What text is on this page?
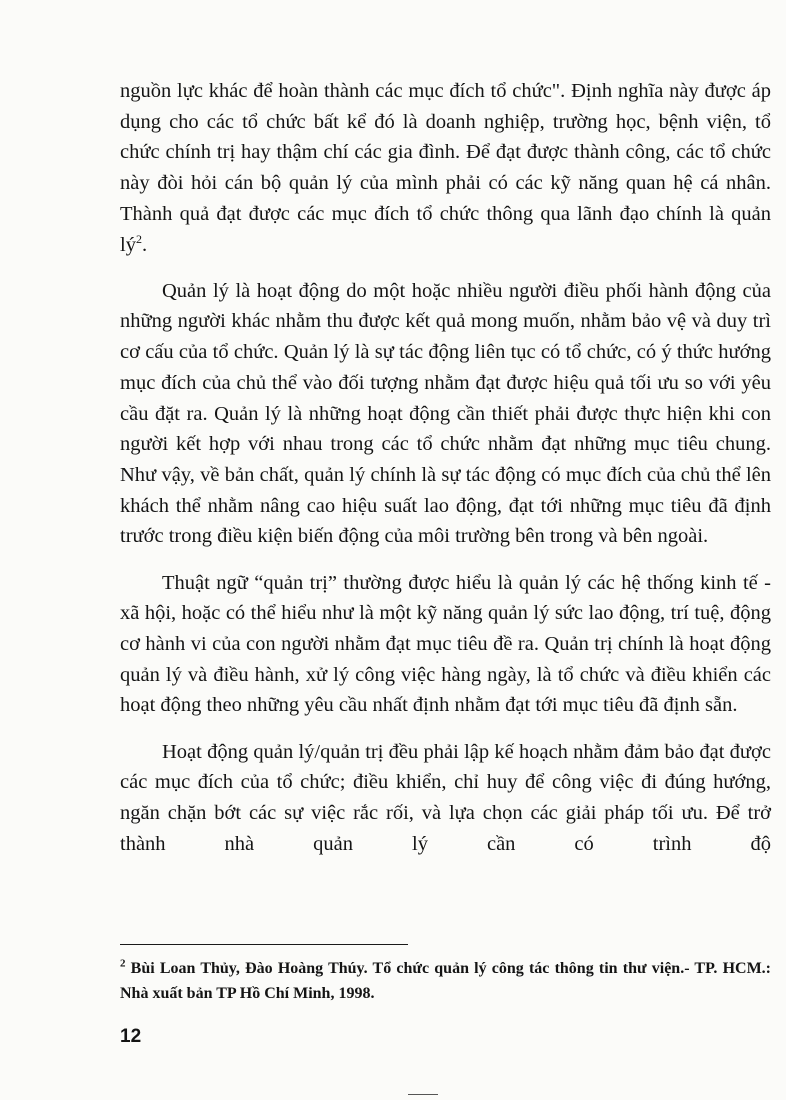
nguồn lực khác để hoàn thành các mục đích tổ chức". Định nghĩa này được áp dụng cho các tổ chức bất kể đó là doanh nghiệp, trường học, bệnh viện, tổ chức chính trị hay thậm chí các gia đình. Để đạt được thành công, các tổ chức này đòi hỏi cán bộ quản lý của mình phải có các kỹ năng quan hệ cá nhân. Thành quả đạt được các mục đích tổ chức thông qua lãnh đạo chính là quản $lý^2$.

Quản lý là hoạt động do một hoặc nhiều người điều phối hành động của những người khác nhằm thu được kết quả mong muốn, nhằm bảo vệ và duy trì cơ cấu của tổ chức. Quản lý là sự tác động liên tục có tổ chức, có ý thức hướng mục đích của chủ thể vào đối tượng nhằm đạt được hiệu quả tối ưu so với yêu cầu đặt ra. Quản lý là những hoạt động cần thiết phải được thực hiện khi con người kết hợp với nhau trong các tổ chức nhằm đạt những mục tiêu chung. Như vậy, về bản chất, quản lý chính là sự tác động có mục đích của chủ thể lên khách thể nhằm nâng cao hiệu suất lao động, đạt tới những mục tiêu đã định trước trong điều kiện biến động của môi trường bên trong và bên ngoài.

Thuật ngữ “quản trị” thường được hiểu là quản lý các hệ thống kinh tế - xã hội, hoặc có thể hiểu như là một kỹ năng quản lý sức lao động, trí tuệ, động cơ hành vi của con người nhằm đạt mục tiêu đề ra. Quản trị chính là hoạt động quản lý và điều hành, xử lý công việc hàng ngày, là tổ chức và điều khiển các hoạt động theo những yêu cầu nhất định nhằm đạt tới mục tiêu đã định sẵn.

Hoạt động quản lý/quản trị đều phải lập kế hoạch nhằm đảm bảo đạt được các mục đích của tổ chức; điều khiển, chỉ huy để công việc đi đúng hướng, ngăn chặn bớt các sự việc rắc rối, và lựa chọn các giải pháp tối ưu. Để trở thành nhà quản lý cần có trình độ

$^2$ Bùi Loan Thủy, Đào Hoàng Thúy. Tổ chức quản lý công tác thông tin thư viện.- TP. HCM.: Nhà xuất bản TP Hồ Chí Minh, 1998.
12
